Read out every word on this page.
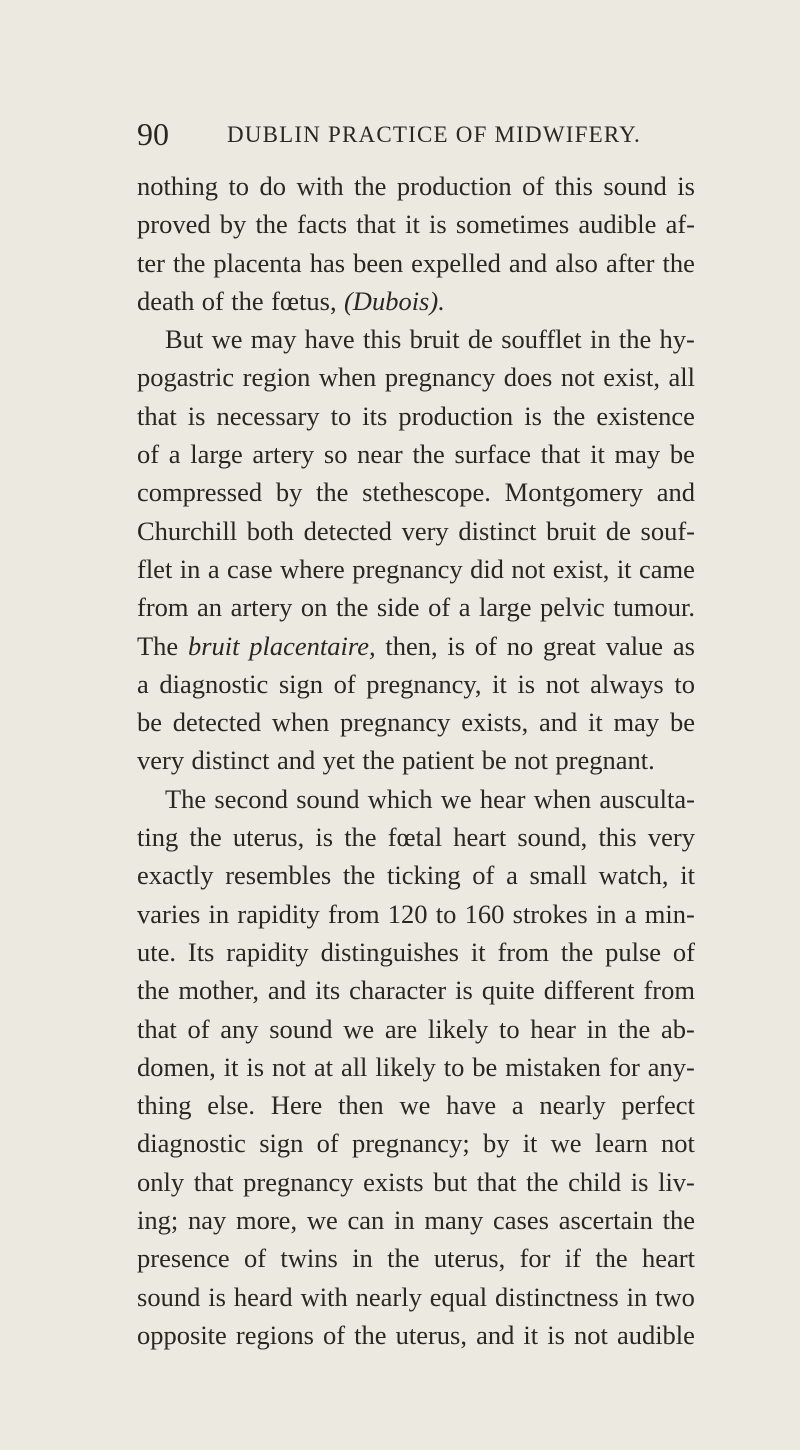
90	DUBLIN PRACTICE OF MIDWIFERY.
nothing to do with the production of this sound is
proved by the facts that it is sometimes audible af-
ter the placenta has been expelled and also after the
death of the fœtus, (Dubois).
But we may have this bruit de soufflet in the hy-
pogastric region when pregnancy does not exist, all
that is necessary to its production is the existence
of a large artery so near the surface that it may be
compressed by the stethescope. Montgomery and
Churchill both detected very distinct bruit de souf-
flet in a case where pregnancy did not exist, it came
from an artery on the side of a large pelvic tumour.
The bruit placentaire, then, is of no great value as
a diagnostic sign of pregnancy, it is not always to
be detected when pregnancy exists, and it may be
very distinct and yet the patient be not pregnant.
The second sound which we hear when ausculta-
ting the uterus, is the fœtal heart sound, this very
exactly resembles the ticking of a small watch, it
varies in rapidity from 120 to 160 strokes in a min-
ute. Its rapidity distinguishes it from the pulse of
the mother, and its character is quite different from
that of any sound we are likely to hear in the ab-
domen, it is not at all likely to be mistaken for any-
thing else. Here then we have a nearly perfect
diagnostic sign of pregnancy; by it we learn not
only that pregnancy exists but that the child is liv-
ing; nay more, we can in many cases ascertain the
presence of twins in the uterus, for if the heart
sound is heard with nearly equal distinctness in two
opposite regions of the uterus, and it is not audible
